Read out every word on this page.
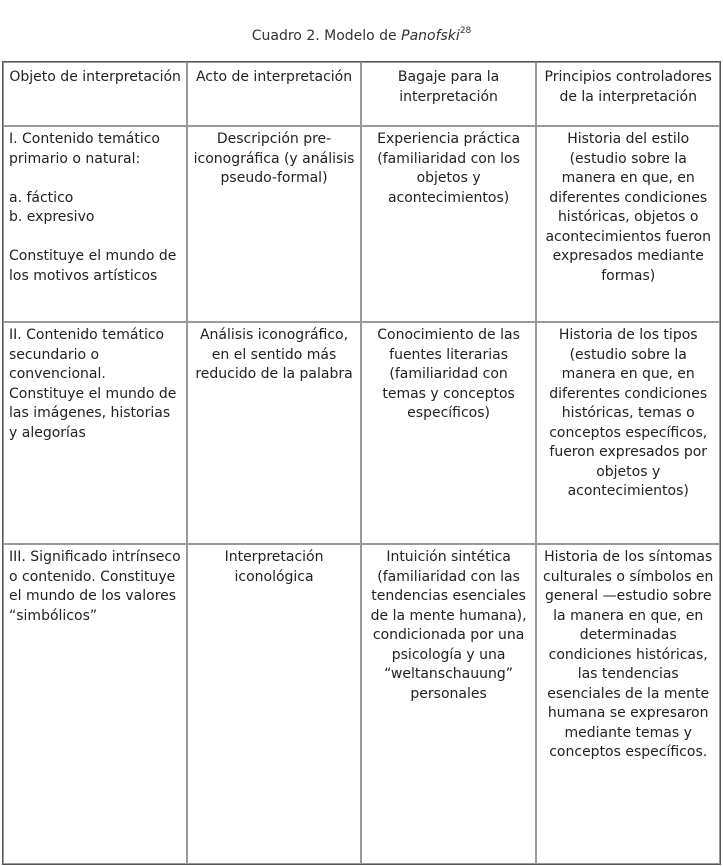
Cuadro 2. Modelo de Panofski$^{28}$
Objeto de interpretación	Acto de interpretación	Bagaje para la interpretación	Principios controladores de la interpretación
I. Contenido temático primario o natural:

a. fáctico
b. expresivo

Constituye el mundo de los motivos artísticos	Descripción pre-iconográfica (y análisis pseudo-formal)	Experiencia práctica (familiaridad con los objetos y acontecimientos)	Historia del estilo (estudio sobre la manera en que, en diferentes condiciones históricas, objetos o acontecimientos fueron expresados mediante formas)
II. Contenido temático secundario o convencional. Constituye el mundo de las imágenes, historias y alegorías	Análisis iconográfico, en el sentido más reducido de la palabra	Conocimiento de las fuentes literarias (familiaridad con temas y conceptos específicos)	Historia de los tipos (estudio sobre la manera en que, en diferentes condiciones históricas, temas o conceptos específicos, fueron expresados por objetos y acontecimientos)
III. Significado intrínseco o contenido. Constituye el mundo de los valores “simbólicos”	Interpretación iconológica	Intuición sintética (familiaridad con las tendencias esenciales de la mente humana), condicionada por una psicología y una “weltanschauung” personales	Historia de los síntomas culturales o símbolos en general —estudio sobre la manera en que, en determinadas condiciones históricas, las tendencias esenciales de la mente humana se expresaron mediante temas y conceptos específicos.
